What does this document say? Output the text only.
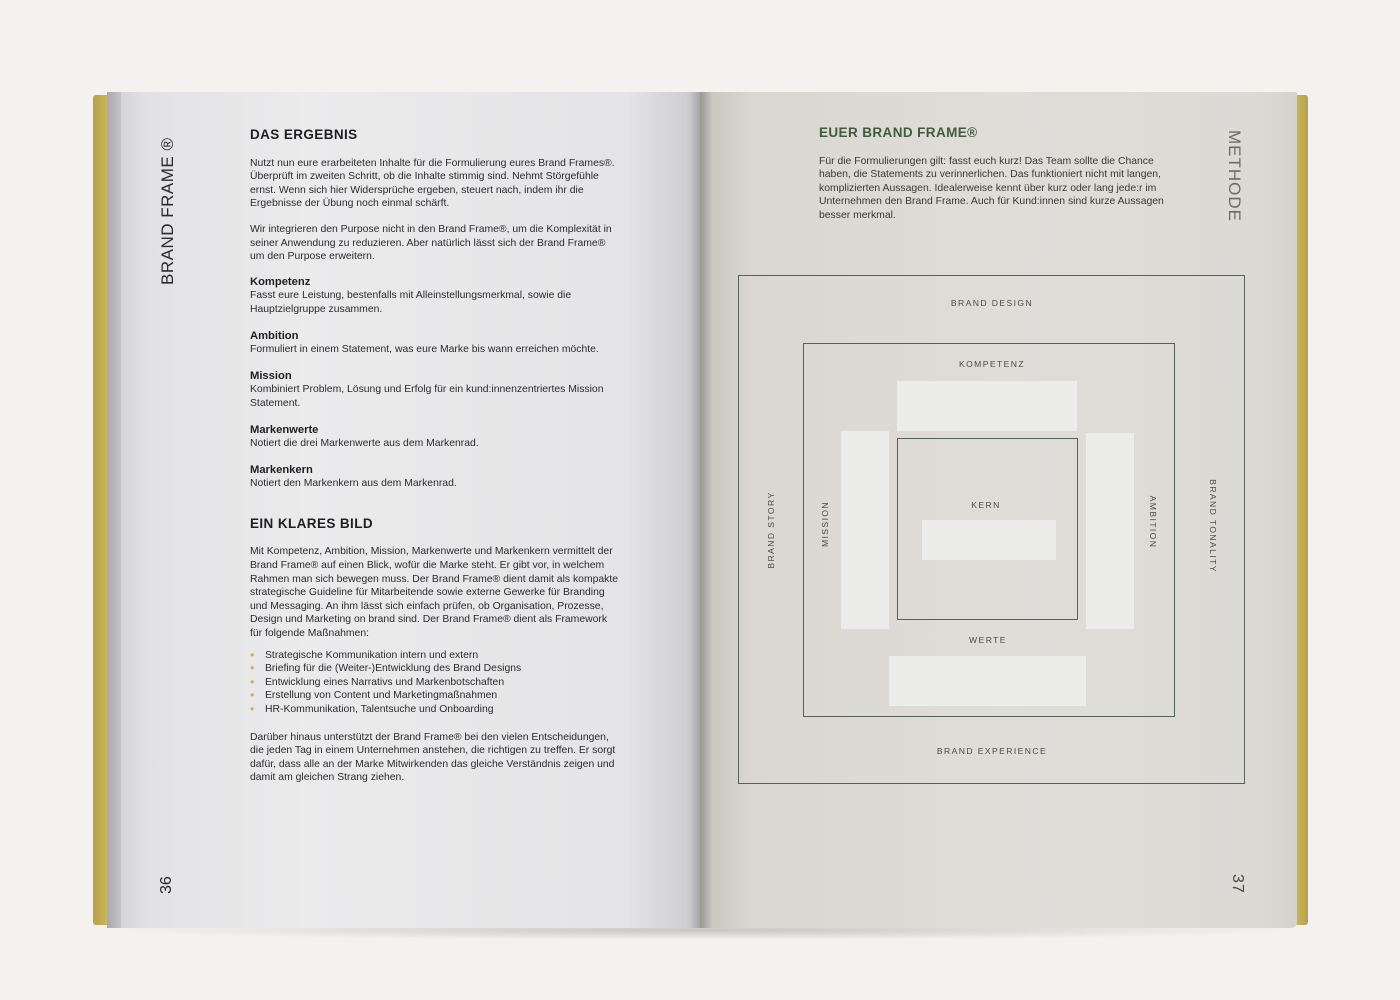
BRAND FRAME ®
36
METHODE
37
DAS ERGEBNIS

Nutzt nun eure erarbeiteten Inhalte für die Formulierung eures Brand Frames®. Überprüft im zweiten Schritt, ob die Inhalte stimmig sind. Nehmt Störgefühle ernst. Wenn sich hier Widersprüche ergeben, steuert nach, indem ihr die Ergebnisse der Übung noch einmal schärft.

Wir integrieren den Purpose nicht in den Brand Frame®, um die Komplexität in seiner Anwendung zu reduzieren. Aber natürlich lässt sich der Brand Frame® um den Purpose erweitern.

Kompetenz
Fasst eure Leistung, bestenfalls mit Alleinstellungsmerkmal, sowie die Hauptzielgruppe zusammen.
Ambition
Formuliert in einem Statement, was eure Marke bis wann erreichen möchte.
Mission
Kombiniert Problem, Lösung und Erfolg für ein kund:innenzentriertes Mission Statement.
Markenwerte
Notiert die drei Markenwerte aus dem Markenrad.
Markenkern
Notiert den Markenkern aus dem Markenrad.
EIN KLARES BILD

Mit Kompetenz, Ambition, Mission, Markenwerte und Markenkern vermittelt der Brand Frame® auf einen Blick, wofür die Marke steht. Er gibt vor, in welchem Rahmen man sich bewegen muss. Der Brand Frame® dient damit als kompakte strategische Guideline für Mitarbeitende sowie externe Gewerke für Branding und Messaging. An ihm lässt sich einfach prüfen, ob Organisation, Prozesse, Design und Marketing on brand sind. Der Brand Frame® dient als Framework für folgende Maßnahmen:

• Strategische Kommunikation intern und extern
• Briefing für die (Weiter-)Entwicklung des Brand Designs
• Entwicklung eines Narrativs und Markenbotschaften
• Erstellung von Content und Marketingmaßnahmen
• HR-Kommunikation, Talentsuche und Onboarding

Darüber hinaus unterstützt der Brand Frame® bei den vielen Entscheidungen, die jeden Tag in einem Unternehmen anstehen, die richtigen zu treffen. Er sorgt dafür, dass alle an der Marke Mitwirkenden das gleiche Verständnis zeigen und damit am gleichen Strang ziehen.

EUER BRAND FRAME®

Für die Formulierungen gilt: fasst euch kurz! Das Team sollte die Chance haben, die Statements zu verinnerlichen. Das funktioniert nicht mit langen, komplizierten Aussagen. Idealerweise kennt über kurz oder lang jede:r im Unternehmen den Brand Frame. Auch für Kund:innen sind kurze Aussagen besser merkmal.

BRAND DESIGN
BRAND EXPERIENCE
KOMPETENZ
WERTE
KERN
BRAND STORY	MISSION	AMBITION	BRAND TONALITY
